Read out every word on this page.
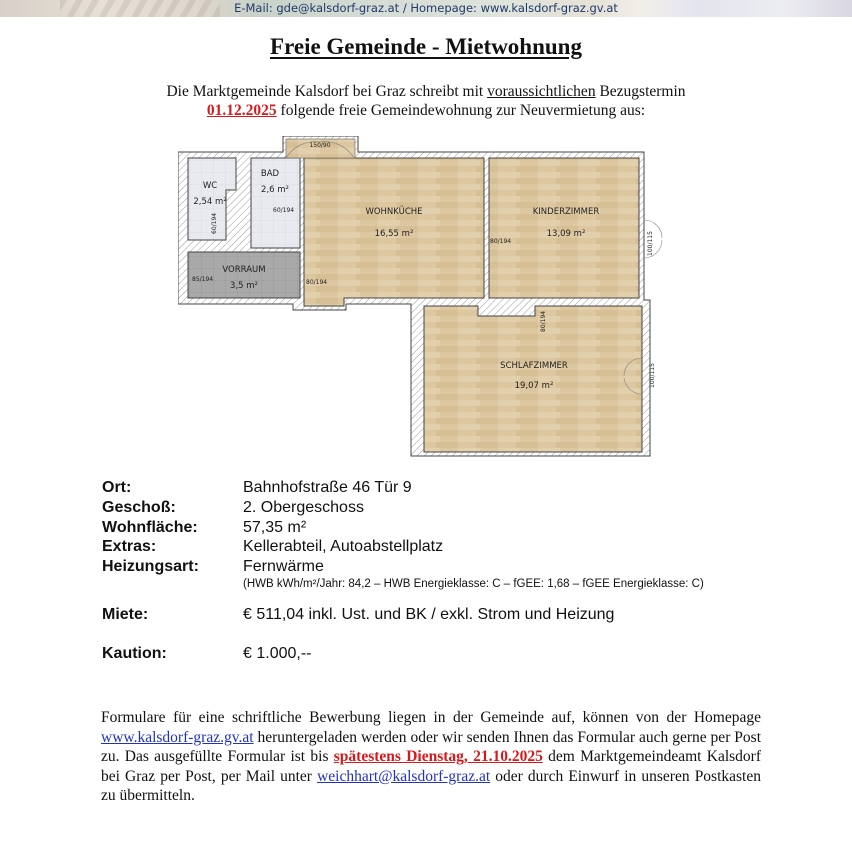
E-Mail: gde@kalsdorf-graz.at / Homepage: www.kalsdorf-graz.gv.at
Freie Gemeinde - Mietwohnung
Die Marktgemeinde Kalsdorf bei Graz schreibt mit voraussichtlichen Bezugstermin
01.12.2025 folgende freie Gemeindewohnung zur Neuvermietung aus:
WC
2,54 m²
60/194
BAD
2,6 m²
60/194
VORRAUM
3,5 m²
85/194
WOHNKÜCHE
16,55 m²
80/194
150/90
KINDERZIMMER
13,09 m²
80/194	100/115
SCHLAFZIMMER
19,07 m²
80/194
100/115
Ort:	Bahnhofstraße 46 Tür 9
Geschoß:	2. Obergeschoss
Wohnfläche:	57,35 m²
Extras:	Kellerabteil, Autoabstellplatz
Heizungsart:	Fernwärme
(HWB kWh/m²/Jahr: 84,2 – HWB Energieklasse: C – fGEE: 1,68 – fGEE Energieklasse: C)
Miete:	€ 511,04 inkl. Ust. und BK / exkl. Strom und Heizung
Kaution:	€ 1.000,--
Formulare für eine schriftliche Bewerbung liegen in der Gemeinde auf, können von der Homepage www.kalsdorf-graz.gv.at heruntergeladen werden oder wir senden Ihnen das Formular auch gerne per Post zu. Das ausgefüllte Formular ist bis spätestens Dienstag, 21.10.2025 dem Marktgemeindeamt Kalsdorf bei Graz per Post, per Mail unter weichhart@kalsdorf-graz.at oder durch Einwurf in unseren Postkasten zu übermitteln.
